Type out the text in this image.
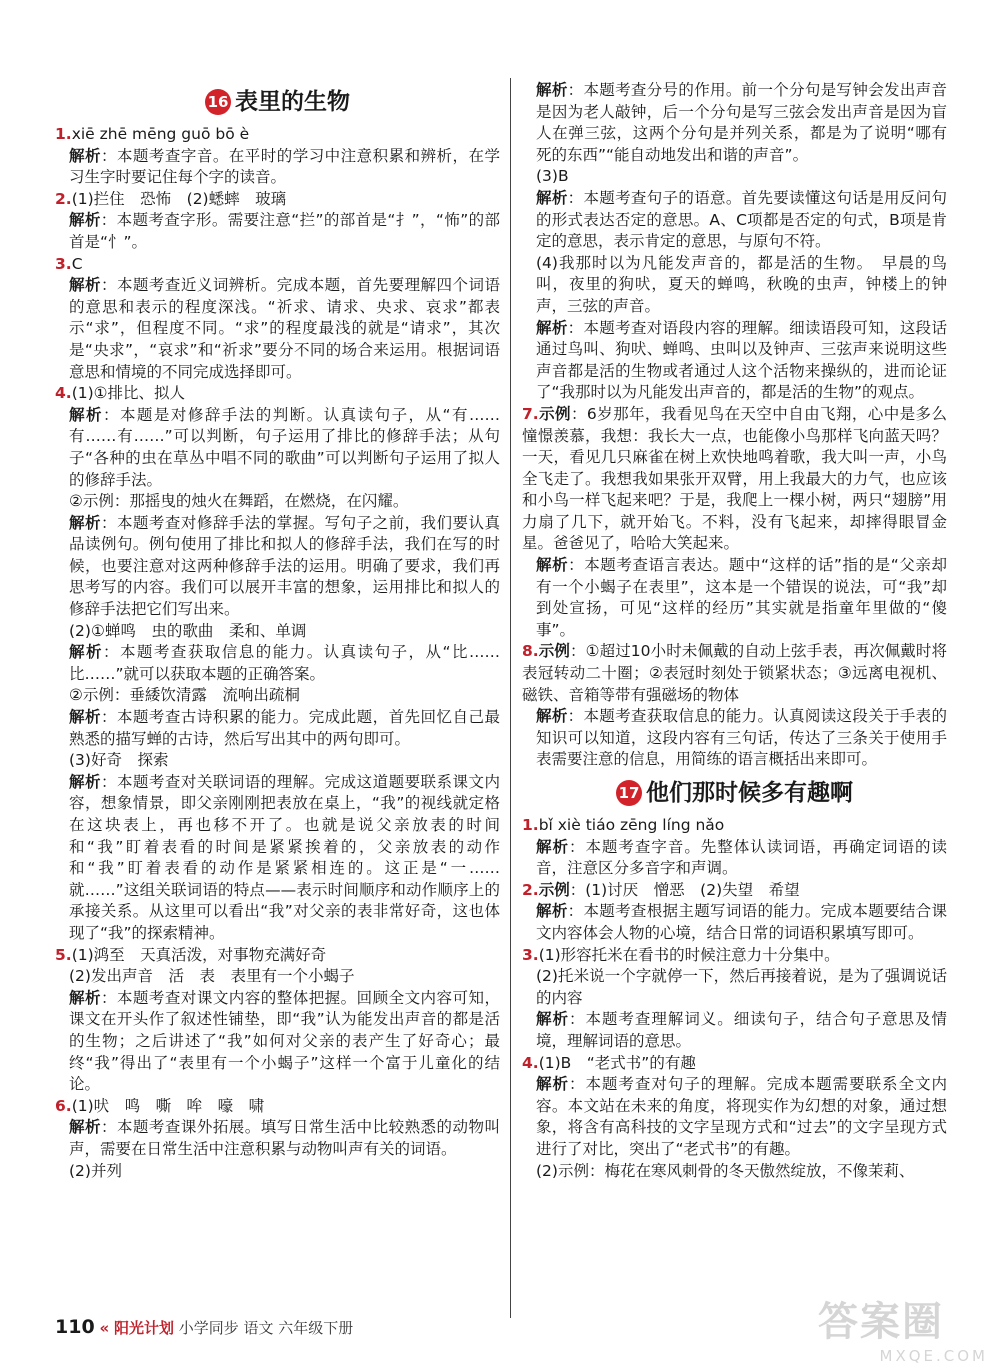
16 表里的生物

1.xiē zhē mēng guō bō è

解析：本题考查字音。在平时的学习中注意积累和辨析，在学习生字时要记住每个字的读音。

2.(1)拦住　恐怖　(2)蟋蟀　玻璃

解析：本题考查字形。需要注意“拦”的部首是“扌”，“怖”的部首是“忄”。

3.C

解析：本题考查近义词辨析。完成本题，首先要理解四个词语的意思和表示的程度深浅。“祈求、请求、央求、哀求”都表示“求”，但程度不同。“求”的程度最浅的就是“请求”，其次是“央求”，“哀求”和“祈求”要分不同的场合来运用。根据词语意思和情境的不同完成选择即可。

4.(1)①排比、拟人

解析：本题是对修辞手法的判断。认真读句子，从“有……有……有……”可以判断，句子运用了排比的修辞手法；从句子“各种的虫在草丛中唱不同的歌曲”可以判断句子运用了拟人的修辞手法。

②示例：那摇曳的烛火在舞蹈，在燃烧，在闪耀。

解析：本题考查对修辞手法的掌握。写句子之前，我们要认真品读例句。例句使用了排比和拟人的修辞手法，我们在写的时候，也要注意对这两种修辞手法的运用。明确了要求，我们再思考写的内容。我们可以展开丰富的想象，运用排比和拟人的修辞手法把它们写出来。

(2)①蝉鸣　虫的歌曲　柔和、单调

解析：本题考查获取信息的能力。认真读句子，从“比……比……”就可以获取本题的正确答案。

②示例：垂緌饮清露　流响出疏桐

解析：本题考查古诗积累的能力。完成此题，首先回忆自己最熟悉的描写蝉的古诗，然后写出其中的两句即可。

(3)好奇　探索

解析：本题考查对关联词语的理解。完成这道题要联系课文内容，想象情景，即父亲刚刚把表放在桌上，“我”的视线就定格在这块表上，再也移不开了。也就是说父亲放表的时间和“我”盯着表看的时间是紧紧挨着的，父亲放表的动作和“我”盯着表看的动作是紧紧相连的。这正是“一……就……”这组关联词语的特点——表示时间顺序和动作顺序上的承接关系。从这里可以看出“我”对父亲的表非常好奇，这也体现了“我”的探索精神。

5.(1)鸿至　天真活泼，对事物充满好奇

(2)发出声音　活　表　表里有一个小蝎子

解析：本题考查对课文内容的整体把握。回顾全文内容可知，课文在开头作了叙述性铺垫，即“我”认为能发出声音的都是活的生物；之后讲述了“我”如何对父亲的表产生了好奇心；最终“我”得出了“表里有一个小蝎子”这样一个富于儿童化的结论。

6.(1)吠　鸣　嘶　哞　嚎　啸

解析：本题考查课外拓展。填写日常生活中比较熟悉的动物叫声，需要在日常生活中注意积累与动物叫声有关的词语。

(2)并列

解析：本题考查分号的作用。前一个分句是写钟会发出声音是因为老人敲钟，后一个分句是写三弦会发出声音是因为盲人在弹三弦，这两个分句是并列关系，都是为了说明“哪有死的东西”“能自动地发出和谐的声音”。

(3)B

解析：本题考查句子的语意。首先要读懂这句话是用反问句的形式表达否定的意思。A、C项都是否定的句式，B项是肯定的意思，表示肯定的意思，与原句不符。

(4)我那时以为凡能发声音的，都是活的生物。　早晨的鸟叫，夜里的狗吠，夏天的蝉鸣，秋晚的虫声，钟楼上的钟声，三弦的声音。

解析：本题考查对语段内容的理解。细读语段可知，这段话通过鸟叫、狗吠、蝉鸣、虫叫以及钟声、三弦声来说明这些声音都是活的生物或者通过人这个活物来操纵的，进而论证了“我那时以为凡能发出声音的，都是活的生物”的观点。

7.示例：6岁那年，我看见鸟在天空中自由飞翔，心中是多么憧憬羡慕，我想：我长大一点，也能像小鸟那样飞向蓝天吗？一天，看见几只麻雀在树上欢快地鸣着歌，我大叫一声，小鸟全飞走了。我想我如果张开双臂，用上我最大的力气，也应该和小鸟一样飞起来吧？于是，我爬上一棵小树，两只“翅膀”用力扇了几下，就开始飞。不料，没有飞起来，却摔得眼冒金星。爸爸见了，哈哈大笑起来。

解析：本题考查语言表达。题中“这样的话”指的是“父亲却有一个小蝎子在表里”，这本是一个错误的说法，可“我”却到处宣扬，可见“这样的经历”其实就是指童年里做的“傻事”。

8.示例：①超过10小时未佩戴的自动上弦手表，再次佩戴时将表冠转动二十圈；②表冠时刻处于锁紧状态；③远离电视机、磁铁、音箱等带有强磁场的物体

解析：本题考查获取信息的能力。认真阅读这段关于手表的知识可以知道，这段内容有三句话，传达了三条关于使用手表需要注意的信息，用简练的语言概括出来即可。

17 他们那时候多有趣啊

1.bǐ xiè tiáo zēng líng nǎo

解析：本题考查字音。先整体认读词语，再确定词语的读音，注意区分多音字和声调。

2.示例：(1)讨厌　憎恶　(2)失望　希望

解析：本题考查根据主题写词语的能力。完成本题要结合课文内容体会人物的心境，结合日常的词语积累填写即可。

3.(1)形容托米在看书的时候注意力十分集中。

(2)托米说一个字就停一下，然后再接着说，是为了强调说话的内容

解析：本题考查理解词义。细读句子，结合句子意思及情境，理解词语的意思。

4.(1)B　“老式书”的有趣

解析：本题考查对句子的理解。完成本题需要联系全文内容。本文站在未来的角度，将现实作为幻想的对象，通过想象，将含有高科技的文字呈现方式和“过去”的文字呈现方式进行了对比，突出了“老式书”的有趣。

(2)示例：梅花在寒风刺骨的冬天傲然绽放，不像茉莉、

110 « 阳光计划 小学同步 语文 六年级下册	答案圈
MXQE.COM
